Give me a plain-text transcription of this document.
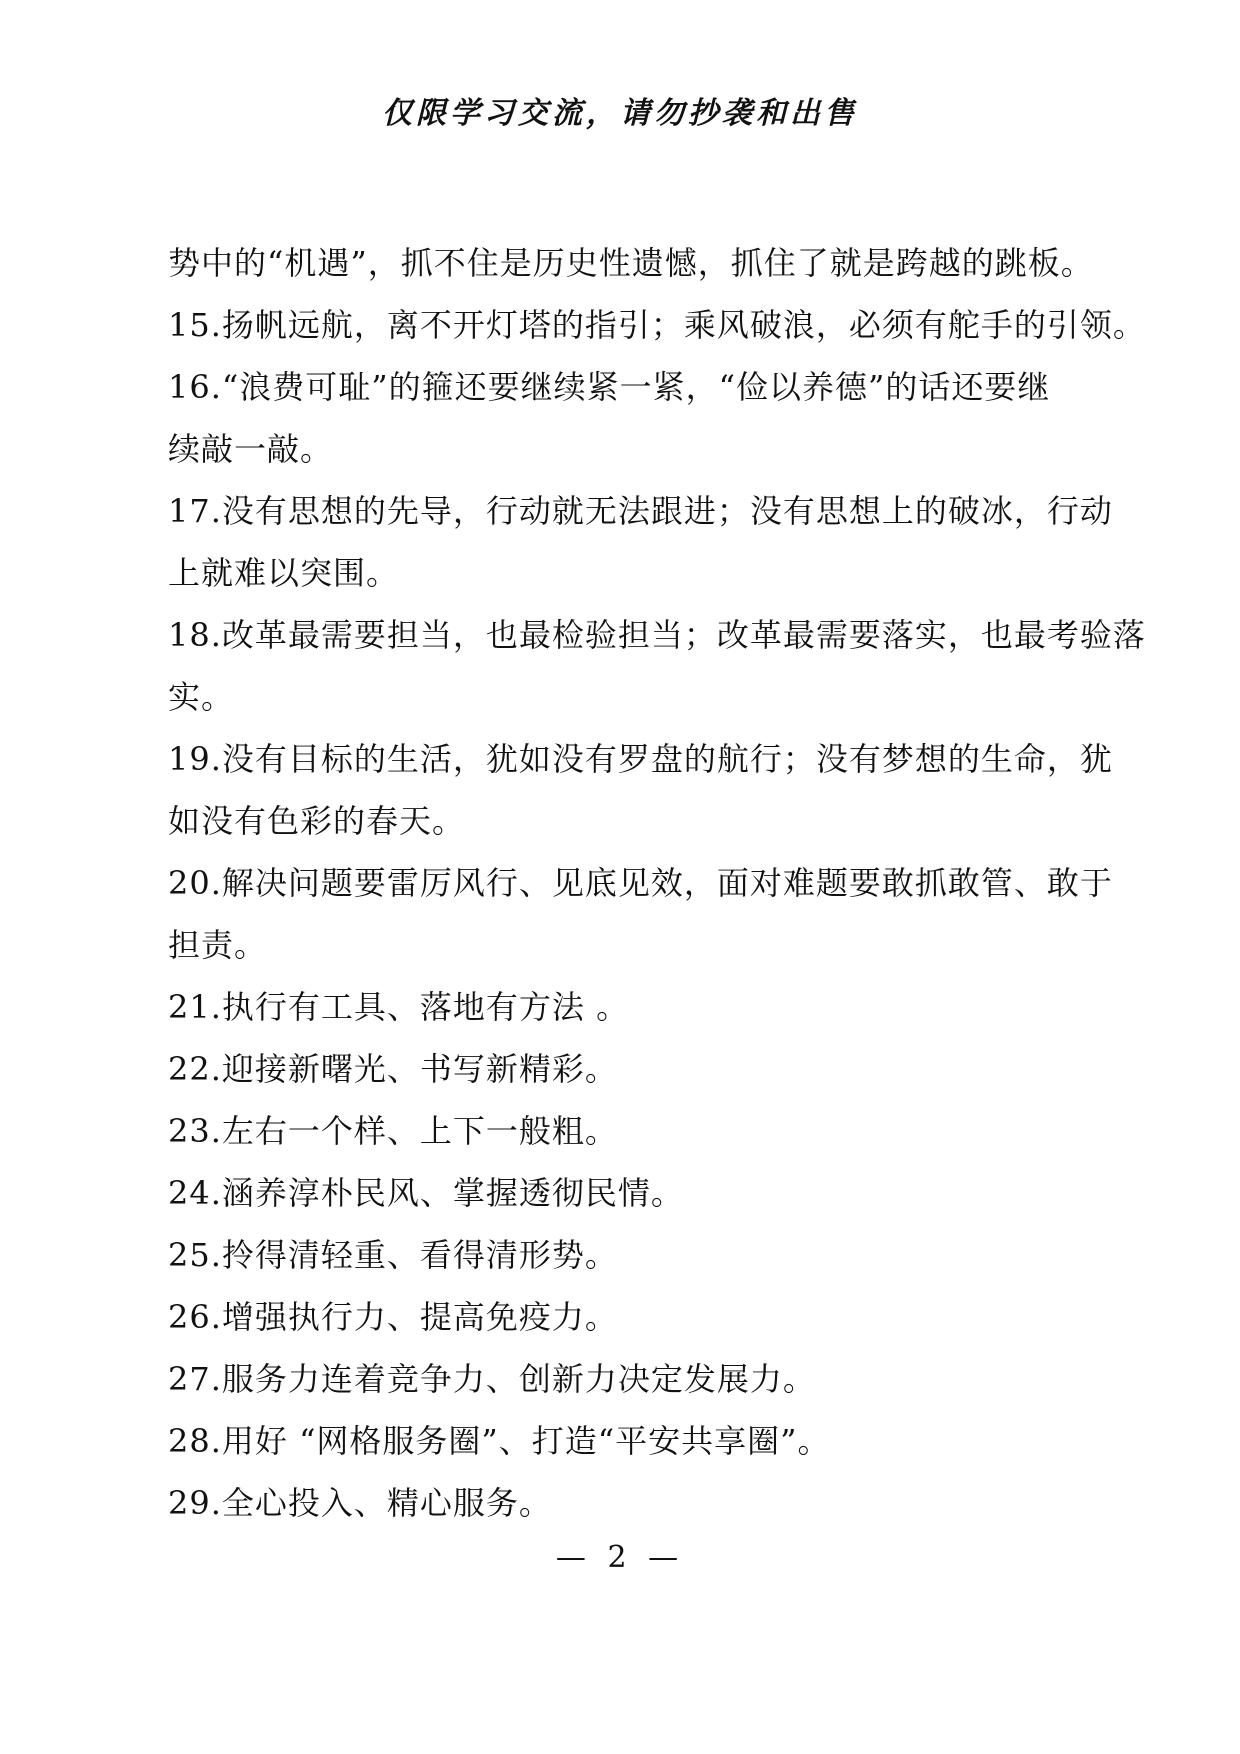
仅限学习交流，请勿抄袭和出售
势中的“机遇”，抓不住是历史性遗憾，抓住了就是跨越的跳板。
15.扬帆远航，离不开灯塔的指引；乘风破浪，必须有舵手的引领。
16.“浪费可耻”的箍还要继续紧一紧，“俭以养德”的话还要继
续敲一敲。
17.没有思想的先导，行动就无法跟进；没有思想上的破冰，行动
上就难以突围。
18.改革最需要担当，也最检验担当；改革最需要落实，也最考验落
实。
19.没有目标的生活，犹如没有罗盘的航行；没有梦想的生命，犹
如没有色彩的春天。
20.解决问题要雷厉风行、见底见效，面对难题要敢抓敢管、敢于
担责。
21.执行有工具、落地有方法 。
22.迎接新曙光、书写新精彩。
23.左右一个样、上下一般粗。
24.涵养淳朴民风、掌握透彻民情。
25.拎得清轻重、看得清形势。
26.增强执行力、提高免疫力。
27.服务力连着竞争力、创新力决定发展力。
28.用好 “网格服务圈”、打造“平安共享圈”。
29.全心投入、精心服务。
— 2 —
